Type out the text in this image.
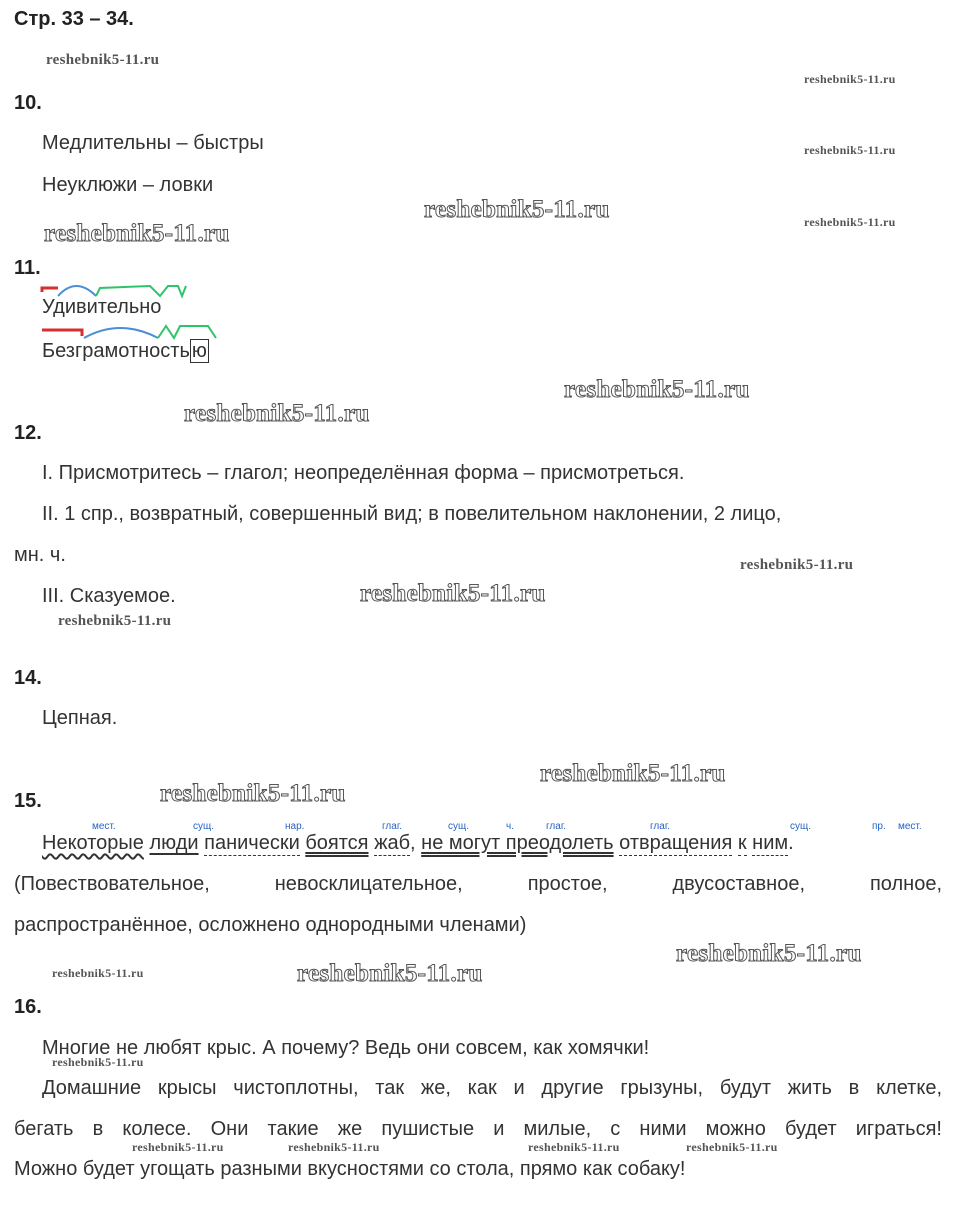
Стр. 33 – 34.
reshebnik5-11.ru
reshebnik5-11.ru
reshebnik5-11.ru
reshebnik5-11.ru	reshebnik5-11.ru
reshebnik5-11.ru
reshebnik5-11.ru
reshebnik5-11.ru
reshebnik5-11.ru
reshebnik5-11.ru
reshebnik5-11.ru
reshebnik5-11.ru
reshebnik5-11.ru
reshebnik5-11.ru
reshebnik5-11.ru	reshebnik5-11.ru
reshebnik5-11.ru
reshebnik5-11.ru	reshebnik5-11.ru	reshebnik5-11.ru	reshebnik5-11.ru
10.
Медлительны – быстры
Неуклюжи – ловки
11.
Удивительно
Безграмотность ю
12.
I. Присмотритесь – глагол; неопределённая форма – присмотреться.
II. 1 спр., возвратный, совершенный вид; в повелительном наклонении, 2 лицо,
мн. ч.
III. Сказуемое.
14.
Цепная.
15.
мест.	сущ.	нар.	глаг.	сущ.	ч.	глаг.	глаг.	сущ.	пр. мест.
Некоторые люди панически боятся жаб, не могут преодолеть отвращения к ним.
(Повествовательное, невосклицательное, простое, двусоставное, полное,
распространённое, осложнено однородными членами)
16.
Многие не любят крыс. А почему? Ведь они совсем, как хомячки!
Домашние крысы чистоплотны, так же, как и другие грызуны, будут жить в клетке,
бегать в колесе. Они такие же пушистые и милые, с ними можно будет играться!
Можно будет угощать разными вкусностями со стола, прямо как собаку!
